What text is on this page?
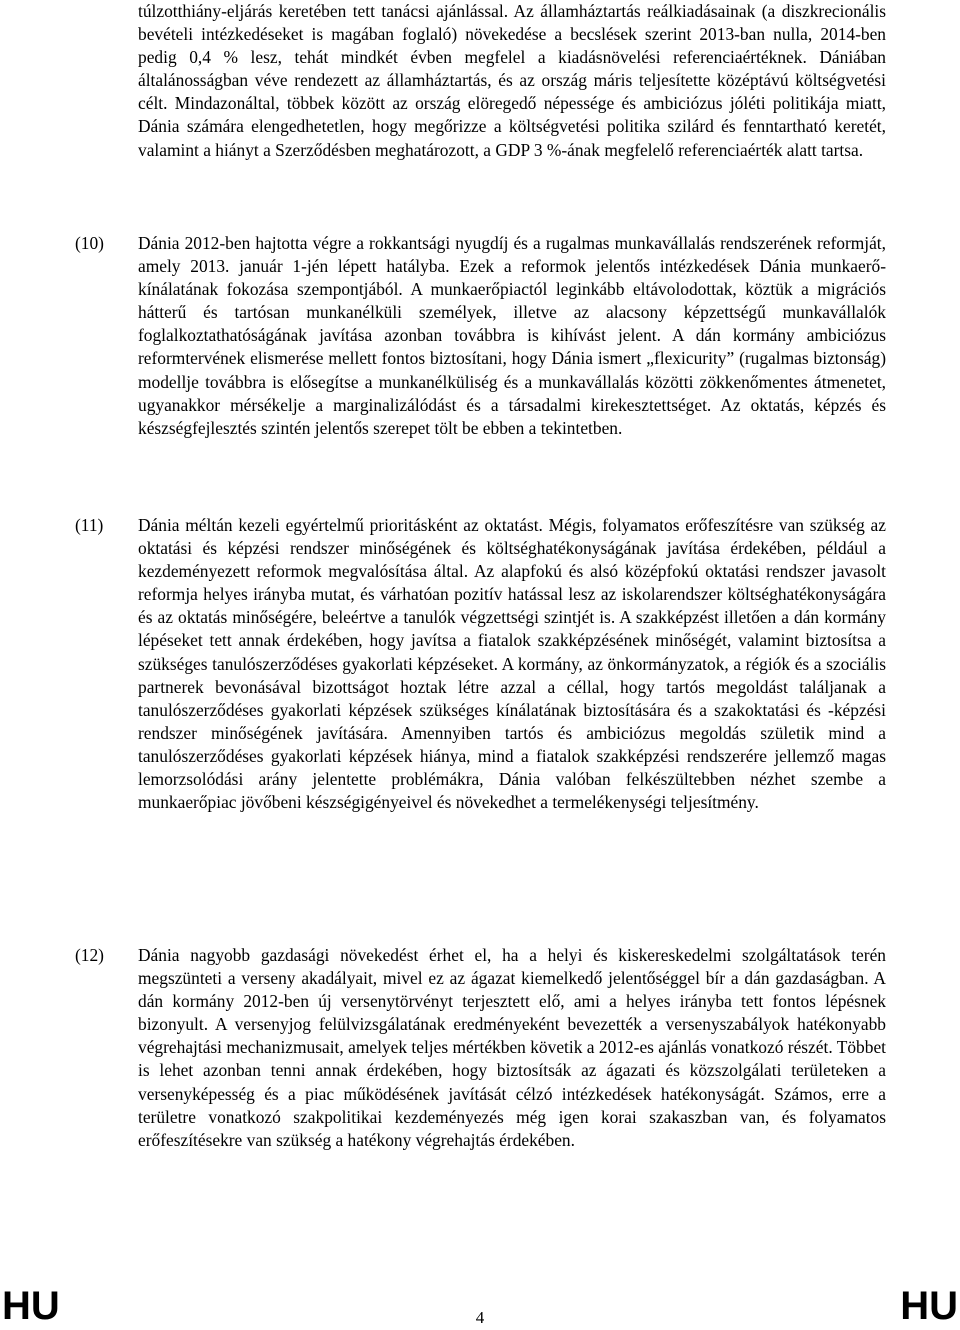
túlzotthiány-eljárás keretében tett tanácsi ajánlással. Az államháztartás reálkiadásainak (a diszkrecionális bevételi intézkedéseket is magában foglaló) növekedése a becslések szerint 2013-ban nulla, 2014-ben pedig 0,4 % lesz, tehát mindkét évben megfelel a kiadásnövelési referenciaértéknek. Dániában általánosságban véve rendezett az államháztartás, és az ország máris teljesítette középtávú költségvetési célt. Mindazonáltal, többek között az ország elöregedő népessége és ambiciózus jóléti politikája miatt, Dánia számára elengedhetetlen, hogy megőrizze a költségvetési politika szilárd és fenntartható keretét, valamint a hiányt a Szerződésben meghatározott, a GDP 3 %-ának megfelelő referenciaérték alatt tartsa.
(10) Dánia 2012-ben hajtotta végre a rokkantsági nyugdíj és a rugalmas munkavállalás rendszerének reformját, amely 2013. január 1-jén lépett hatályba. Ezek a reformok jelentős intézkedések Dánia munkaerő-kínálatának fokozása szempontjából. A munkaerőpiactól leginkább eltávolodottak, köztük a migrációs hátterű és tartósan munkanélküli személyek, illetve az alacsony képzettségű munkavállalók foglalkoztathatóságának javítása azonban továbbra is kihívást jelent. A dán kormány ambiciózus reformtervének elismerése mellett fontos biztosítani, hogy Dánia ismert „flexicurity” (rugalmas biztonság) modellje továbbra is elősegítse a munkanélküliség és a munkavállalás közötti zökkenőmentes átmenetet, ugyanakkor mérsékelje a marginalizálódást és a társadalmi kirekesztettséget. Az oktatás, képzés és készségfejlesztés szintén jelentős szerepet tölt be ebben a tekintetben.
(11) Dánia méltán kezeli egyértelmű prioritásként az oktatást. Mégis, folyamatos erőfeszítésre van szükség az oktatási és képzési rendszer minőségének és költséghatékonyságának javítása érdekében, például a kezdeményezett reformok megvalósítása által. Az alapfokú és alsó középfokú oktatási rendszer javasolt reformja helyes irányba mutat, és várhatóan pozitív hatással lesz az iskolarendszer költséghatékonyságára és az oktatás minőségére, beleértve a tanulók végzettségi szintjét is. A szakképzést illetően a dán kormány lépéseket tett annak érdekében, hogy javítsa a fiatalok szakképzésének minőségét, valamint biztosítsa a szükséges tanulószerződéses gyakorlati képzéseket. A kormány, az önkormányzatok, a régiók és a szociális partnerek bevonásával bizottságot hoztak létre azzal a céllal, hogy tartós megoldást találjanak a tanulószerződéses gyakorlati képzések szükséges kínálatának biztosítására és a szakoktatási és -képzési rendszer minőségének javítására. Amennyiben tartós és ambiciózus megoldás születik mind a tanulószerződéses gyakorlati képzések hiánya, mind a fiatalok szakképzési rendszerére jellemző magas lemorzsolódási arány jelentette problémákra, Dánia valóban felkészültebben nézhet szembe a munkaerőpiac jövőbeni készségigényeivel és növekedhet a termelékenységi teljesítmény.
(12) Dánia nagyobb gazdasági növekedést érhet el, ha a helyi és kiskereskedelmi szolgáltatások terén megszünteti a verseny akadályait, mivel ez az ágazat kiemelkedő jelentőséggel bír a dán gazdaságban. A dán kormány 2012-ben új versenytörvényt terjesztett elő, ami a helyes irányba tett fontos lépésnek bizonyult. A versenyjog felülvizsgálatának eredményeként bevezették a versenyszabályok hatékonyabb végrehajtási mechanizmusait, amelyek teljes mértékben követik a 2012-es ajánlás vonatkozó részét. Többet is lehet azonban tenni annak érdekében, hogy biztosítsák az ágazati és közszolgálati területeken a versenyképesség és a piac működésének javítását célzó intézkedések hatékonyságát. Számos, erre a területre vonatkozó szakpolitikai kezdeményezés még igen korai szakaszban van, és folyamatos erőfeszítésekre van szükség a hatékony végrehajtás érdekében.
HU	4	HU
